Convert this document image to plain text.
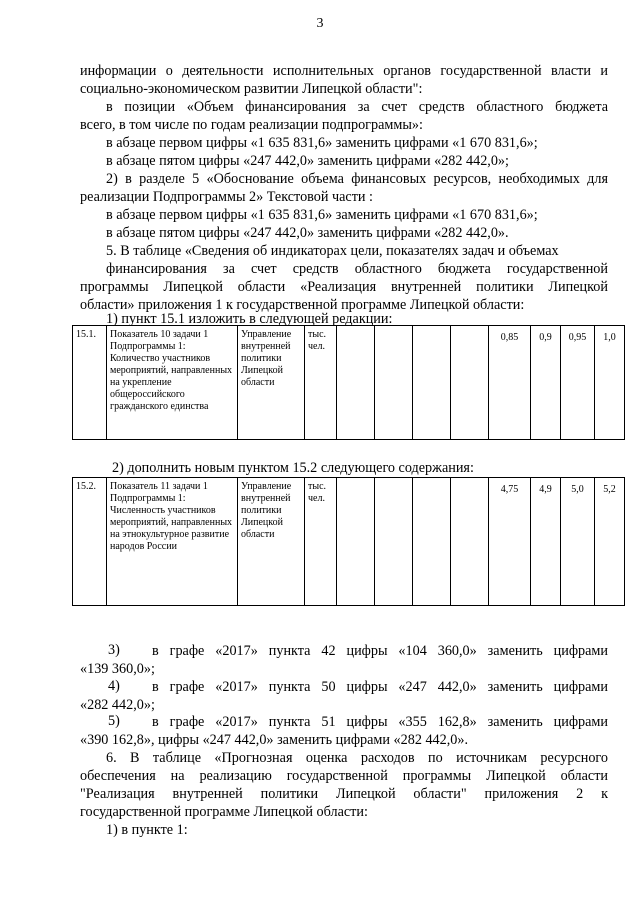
3
информации о деятельности исполнительных органов государственной власти и
социально-экономическом развитии Липецкой области":
в позиции «Объем финансирования за счет средств областного бюджета
всего, в том числе по годам реализации подпрограммы»:
в абзаце первом цифры «1 635 831,6» заменить цифрами «1 670 831,6»;
в абзаце пятом цифры «247 442,0» заменить цифрами «282 442,0»;
2) в разделе 5 «Обоснование объема финансовых ресурсов, необходимых для
реализации Подпрограммы 2» Текстовой части :
в абзаце первом цифры «1 635 831,6» заменить цифрами «1 670 831,6»;
в абзаце пятом цифры «247 442,0» заменить цифрами «282 442,0».
5. В таблице «Сведения об индикаторах цели, показателях задач и объемах
финансирования за счет средств областного бюджета государственной
программы Липецкой области «Реализация внутренней политики Липецкой
области» приложения 1 к государственной программе Липецкой области:
1) пункт 15.1 изложить в следующей редакции:
15.1.	Показатель 10 задачи 1 Подпрограммы 1: Количество участников мероприятий, направленных на укрепление общероссийского гражданского единства	Управление внутренней политики Липецкой области	тыс. чел.					0,85	0,9	0,95	1,0
2) дополнить новым пунктом 15.2 следующего содержания:
15.2.	Показатель 11 задачи 1 Подпрограммы 1: Численность участников мероприятий, направленных на этнокультурное развитие народов России	Управление внутренней политики Липецкой области	тыс. чел.					4,75	4,9	5,0	5,2
3) в графе «2017» пункта 42 цифры «104 360,0» заменить цифрами
«139 360,0»;
4) в графе «2017» пункта 50 цифры «247 442,0» заменить цифрами
«282 442,0»;
5) в графе «2017» пункта 51 цифры «355 162,8» заменить цифрами
«390 162,8», цифры «247 442,0» заменить цифрами «282 442,0».
6. В таблице «Прогнозная оценка расходов по источникам ресурсного
обеспечения на реализацию государственной программы Липецкой области
"Реализация внутренней политики Липецкой области" приложения 2 к
государственной программе Липецкой области:
1) в пункте 1:
